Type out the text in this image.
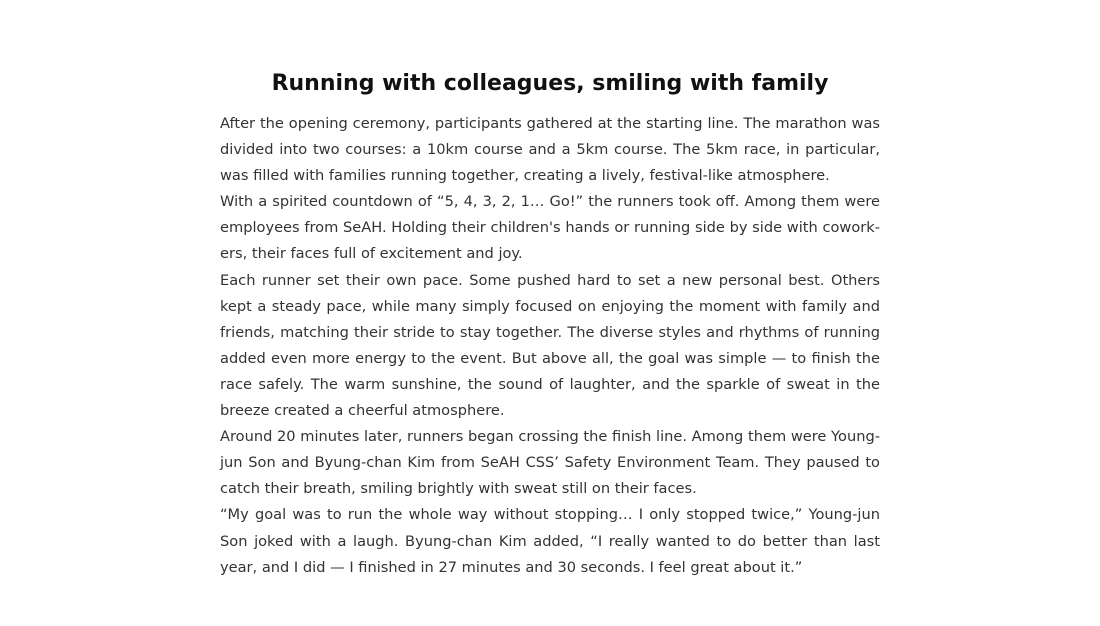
Running with colleagues, smiling with family

After the opening ceremony, participants gathered at the starting line. The marathon was divided into two courses: a 10km course and a 5km course. The 5km race, in particular, was filled with families running together, creating a lively, festival-like atmosphere.

With a spirited countdown of “5, 4, 3, 2, 1… Go!” the runners took off. Among them were employees from SeAH. Holding their children's hands or running side by side with coworkers, their faces full of excitement and joy.

Each runner set their own pace. Some pushed hard to set a new personal best. Others kept a steady pace, while many simply focused on enjoying the moment with family and friends, matching their stride to stay together. The diverse styles and rhythms of running added even more energy to the event. But above all, the goal was simple — to finish the race safely. The warm sunshine, the sound of laughter, and the sparkle of sweat in the breeze created a cheerful atmosphere.

Around 20 minutes later, runners began crossing the finish line. Among them were Young-jun Son and Byung-chan Kim from SeAH CSS’ Safety Environment Team. They paused to catch their breath, smiling brightly with sweat still on their faces.

“My goal was to run the whole way without stopping… I only stopped twice,” Young-jun Son joked with a laugh. Byung-chan Kim added, “I really wanted to do better than last year, and I did — I finished in 27 minutes and 30 seconds. I feel great about it.”
